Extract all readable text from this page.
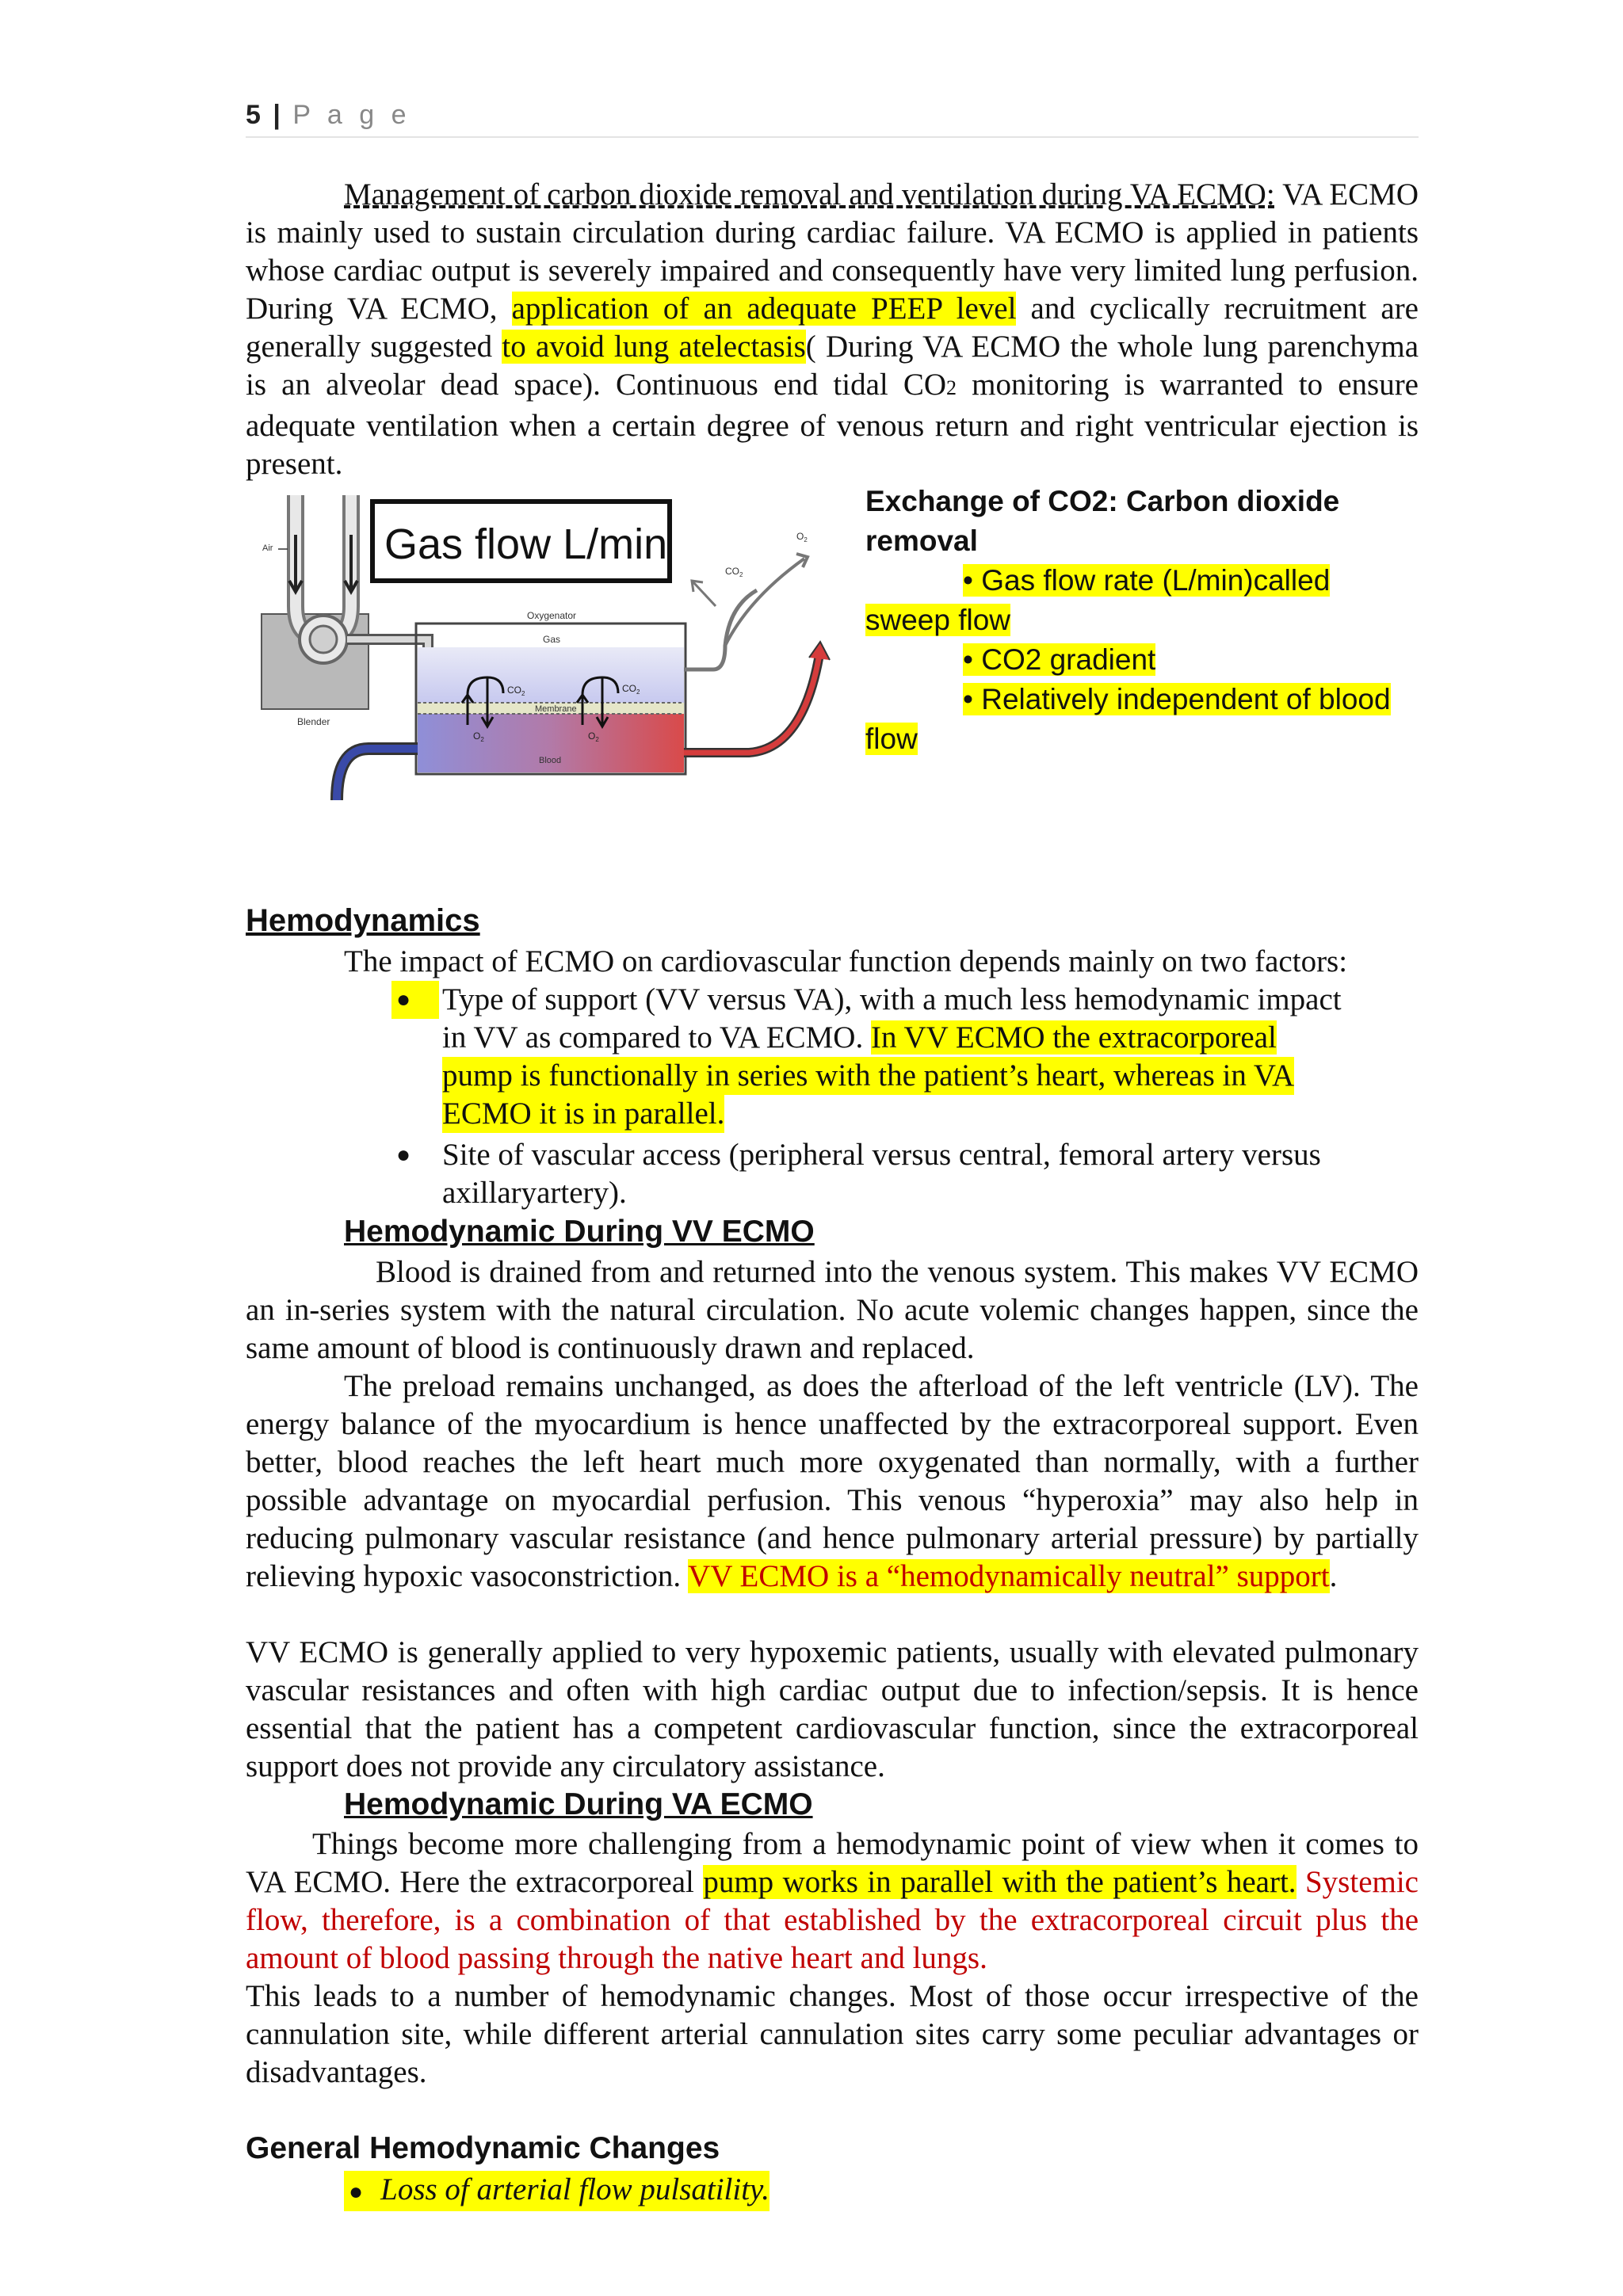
5 | P a g e
Management of carbon dioxide removal and ventilation during VA ECMO: VA ECMO is mainly used to sustain circulation during cardiac failure. VA ECMO is applied in patients whose cardiac output is severely impaired and consequently have very limited lung perfusion. During VA ECMO, application of an adequate PEEP level and cyclically recruitment are generally suggested to avoid lung atelectasis( During VA ECMO the whole lung parenchyma is an alveolar dead space). Continuous end tidal CO2 monitoring is warranted to ensure adequate ventilation when a certain degree of venous return and right ventricular ejection is present.
Air
Blender
Gas flow L/min
Oxygenator
Gas
Membrane
Blood
$CO_2$	$CO_2$
$O_2$	$O_2$
$CO_2$
$O_2$
Exchange of CO2: Carbon dioxide removal
• Gas flow rate (L/min)called sweep flow
• CO2 gradient
• Relatively independent of blood flow
Hemodynamics
The impact of ECMO on cardiovascular function depends mainly on two factors:
●	Type of support (VV versus VA), with a much less hemodynamic impact
in VV as compared to VA ECMO. In VV ECMO the extracorporeal
pump is functionally in series with the patient’s heart, whereas in VA
ECMO it is in parallel.
● Site of vascular access (peripheral versus central, femoral artery versus
axillaryartery).
Hemodynamic During VV ECMO
Blood is drained from and returned into the venous system. This makes VV ECMO an in-series system with the natural circulation. No acute volemic changes happen, since the same amount of blood is continuously drawn and replaced.
The preload remains unchanged, as does the afterload of the left ventricle (LV). The energy balance of the myocardium is hence unaffected by the extracorporeal support. Even better, blood reaches the left heart much more oxygenated than normally, with a further possible advantage on myocardial perfusion. This venous “hyperoxia” may also help in reducing pulmonary vascular resistance (and hence pulmonary arterial pressure) by partially relieving hypoxic vasoconstriction. VV ECMO is a “hemodynamically neutral” support.
VV ECMO is generally applied to very hypoxemic patients, usually with elevated pulmonary vascular resistances and often with high cardiac output due to infection/sepsis. It is hence essential that the patient has a competent cardiovascular function, since the extracorporeal support does not provide any circulatory assistance.
Hemodynamic During VA ECMO
Things become more challenging from a hemodynamic point of view when it comes to VA ECMO. Here the extracorporeal pump works in parallel with the patient’s heart. Systemic flow, therefore, is a combination of that established by the extracorporeal circuit plus the amount of blood passing through the native heart and lungs.
This leads to a number of hemodynamic changes. Most of those occur irrespective of the cannulation site, while different arterial cannulation sites carry some peculiar advantages or disadvantages.
General Hemodynamic Changes
● Loss of arterial flow pulsatility.
